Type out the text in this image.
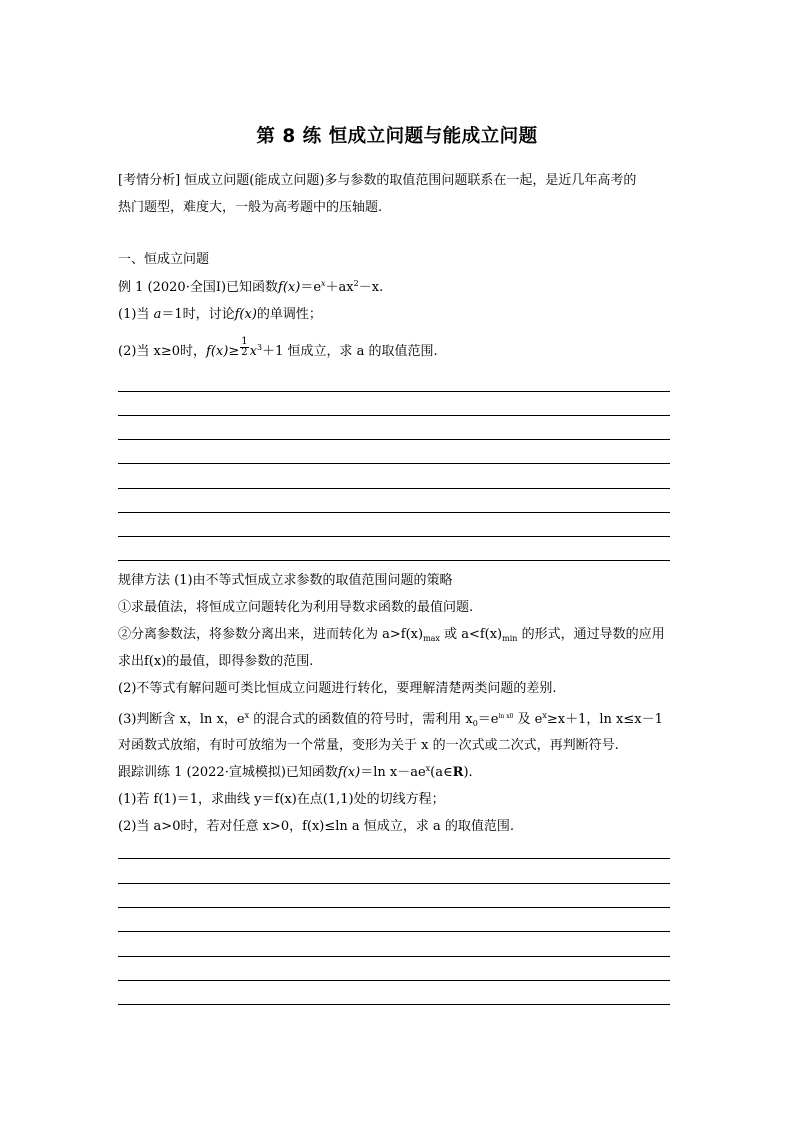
第 8 练 恒成立问题与能成立问题
[考情分析] 恒成立问题(能成立问题)多与参数的取值范围问题联系在一起，是近几年高考的
热门题型，难度大，一般为高考题中的压轴题.
一、恒成立问题
例 1 (2020·全国Ⅰ)已知函数$f(x)=e^x+ax^2-x$.
(1)当 a＝1时，讨论f(x)的单调性；
(2)当 x≥0时，$f(x)\ge \frac{1}{2} x^3+1$ 恒成立，求 a 的取值范围.
规律方法 (1)由不等式恒成立求参数的取值范围问题的策略
①求最值法，将恒成立问题转化为利用导数求函数的最值问题.
②分离参数法，将参数分离出来，进而转化为 $a>f(x)_{max}$ 或 $a<f(x)_{min}$ 的形式，通过导数的应用
求出f(x)的最值，即得参数的范围.
(2)不等式有解问题可类比恒成立问题进行转化，要理解清楚两类问题的差别.
(3)判断含 x，ln x，$e^x$ 的混合式的函数值的符号时，需利用 $x_0=e^{ln x0}$ 及 $e^x\ge x+1$，ln x≤x－1
对函数式放缩，有时可放缩为一个常量，变形为关于 x 的一次式或二次式，再判断符号.
跟踪训练 1 (2022·宣城模拟)已知函数f(x)＝ln $x-ae^x(a\in R)$.
(1)若 f(1)＝1，求曲线 y＝f(x)在点(1,1)处的切线方程；
(2)当 a>0时，若对任意 x>0，f(x)≤ln a 恒成立，求 a 的取值范围.
